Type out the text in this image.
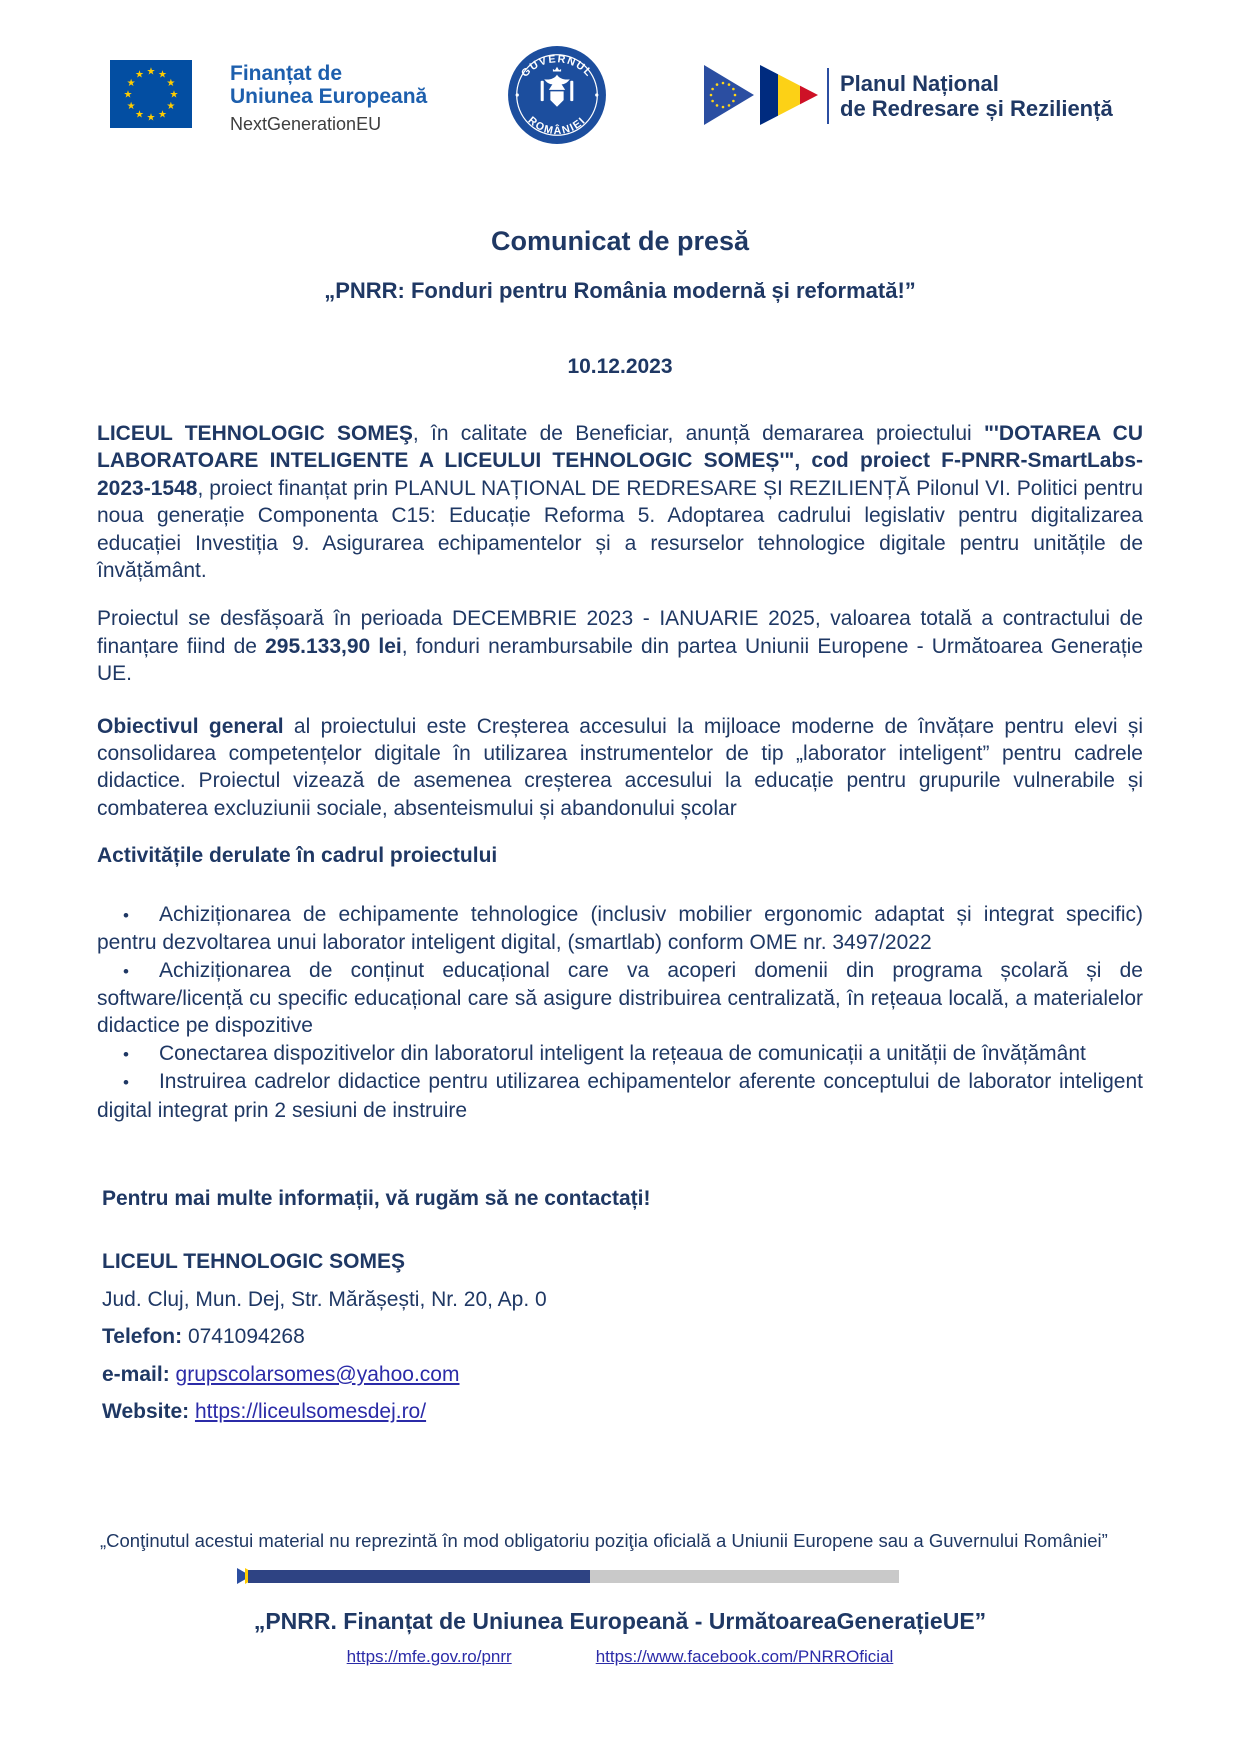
★ ★
★
★
★
★
★
★
★
★
★
★	Finanțat de
Uniunea Europeană
NextGenerationEU
GUVERNUL
ROMÂNIEI
Planul Național
de Redresare și Reziliență
Comunicat de presă
„PNRR: Fonduri pentru România modernă și reformată!”
10.12.2023

LICEUL TEHNOLOGIC SOMEŞ, în calitate de Beneficiar, anunță demararea proiectului "'DOTAREA CU LABORATOARE INTELIGENTE A LICEULUI TEHNOLOGIC SOMEȘ'", cod proiect F-PNRR-SmartLabs-2023-1548, proiect finanțat prin PLANUL NAȚIONAL DE REDRESARE ȘI REZILIENȚĂ Pilonul VI. Politici pentru noua generație Componenta C15: Educație Reforma 5. Adoptarea cadrului legislativ pentru digitalizarea educației Investiția 9. Asigurarea echipamentelor și a resurselor tehnologice digitale pentru unitățile de învățământ.

Proiectul se desfășoară în perioada DECEMBRIE 2023 - IANUARIE 2025, valoarea totală a contractului de finanțare fiind de 295.133,90 lei, fonduri nerambursabile din partea Uniunii Europene - Următoarea Generație UE.

Obiectivul general al proiectului este Creșterea accesului la mijloace moderne de învățare pentru elevi și consolidarea competențelor digitale în utilizarea instrumentelor de tip „laborator inteligent” pentru cadrele didactice. Proiectul vizează de asemenea creșterea accesului la educație pentru grupurile vulnerabile și combaterea excluziunii sociale, absenteismului și abandonului școlar

Activitățile derulate în cadrul proiectului

• Achiziționarea de echipamente tehnologice (inclusiv mobilier ergonomic adaptat și integrat specific) pentru dezvoltarea unui laborator inteligent digital, (smartlab) conform OME nr. 3497/2022

• Achiziționarea de conținut educațional care va acoperi domenii din programa școlară și de software/licență cu specific educațional care să asigure distribuirea centralizată, în rețeaua locală, a materialelor didactice pe dispozitive

• Conectarea dispozitivelor din laboratorul inteligent la rețeaua de comunicații a unității de învățământ

• Instruirea cadrelor didactice pentru utilizarea echipamentelor aferente conceptului de laborator inteligent digital integrat prin 2 sesiuni de instruire

Pentru mai multe informații, vă rugăm să ne contactați!

LICEUL TEHNOLOGIC SOMEŞ

Jud. Cluj, Mun. Dej, Str. Mărășești, Nr. 20, Ap. 0

Telefon: 0741094268

e-mail: grupscolarsomes@yahoo.com

Website: https://liceulsomesdej.ro/

„Conţinutul acestui material nu reprezintă în mod obligatoriu poziţia oficială a Uniunii Europene sau a Guvernului României”

„PNRR. Finanțat de Uniunea Europeană - UrmătoareaGenerațieUE”

https://mfe.gov.ro/pnrr	https://www.facebook.com/PNRROficial
